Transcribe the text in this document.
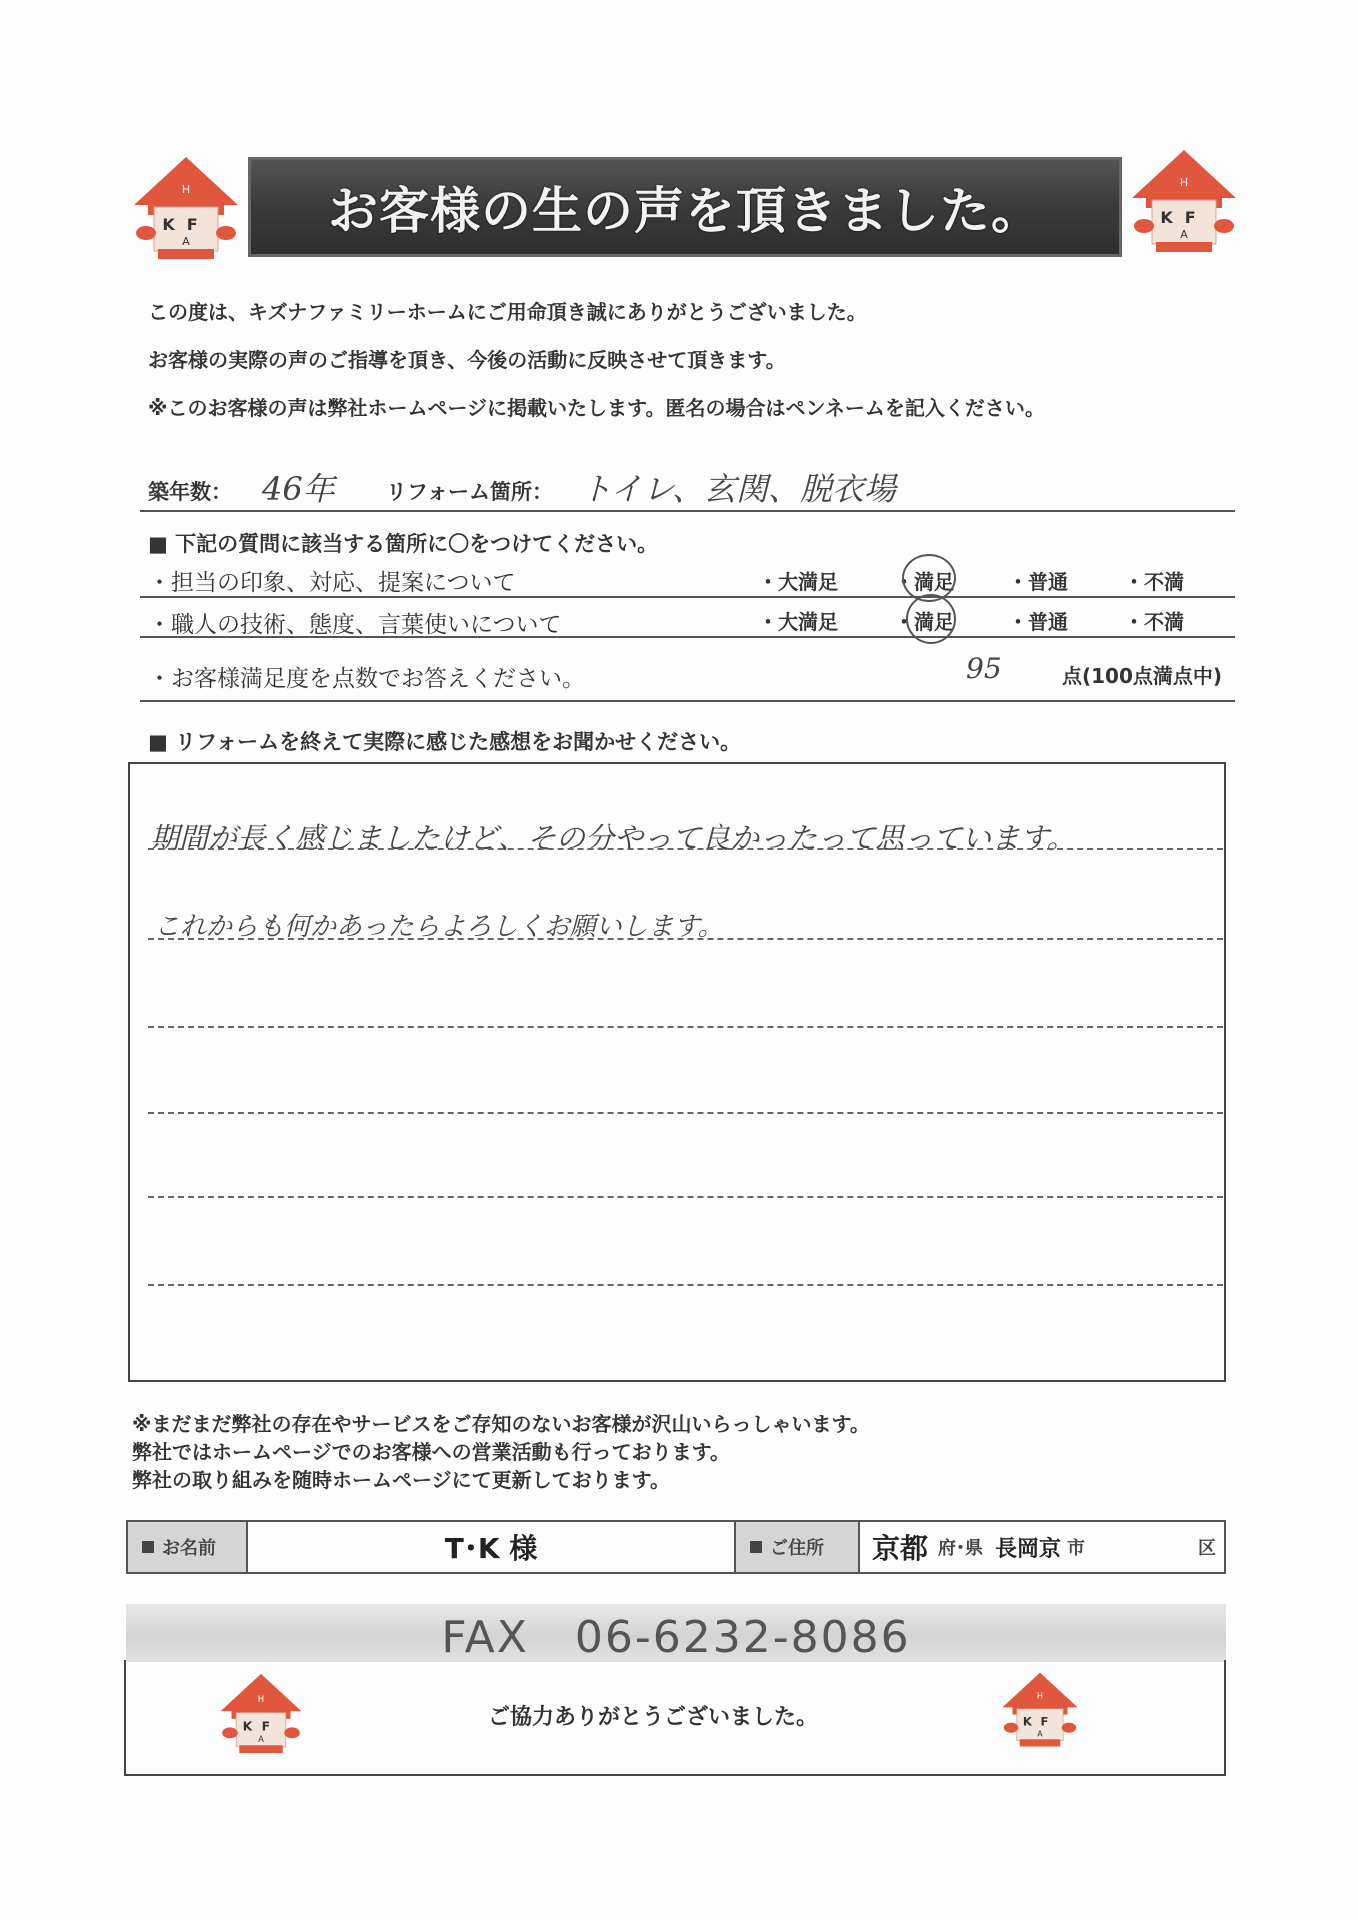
H
KF
A
お客様の生の声を頂きました。	H
KF
A
この度は、キズナファミリーホームにご用命頂き誠にありがとうございました。
お客様の実際の声のご指導を頂き、今後の活動に反映させて頂きます。
※このお客様の声は弊社ホームページに掲載いたします。匿名の場合はペンネームを記入ください。
築年数： 46年 リフォーム箇所： トイレ、玄関、脱衣場
■ 下記の質問に該当する箇所に〇をつけてください。
・担当の印象、対応、提案について	・大満足	・満足	・普通	・不満
・職人の技術、態度、言葉使いについて	・大満足	・満足	・普通	・不満
・お客様満足度を点数でお答えください。	95	点(100点満点中)
■ リフォームを終えて実際に感じた感想をお聞かせください。
期間が長く感じましたけど、その分やって良かったって思っています。
これからも何かあったらよろしくお願いします。
※まだまだ弊社の存在やサービスをご存知のないお客様が沢山いらっしゃいます。
弊社ではホームページでのお客様への営業活動も行っております。
弊社の取り組みを随時ホームページにて更新しております。
お名前	T･K 様	ご住所 京都 府･県 長岡京 市	区
FAX　06-6232-8086
ご協力ありがとうございました。
H
KF
A
H
KF
A
